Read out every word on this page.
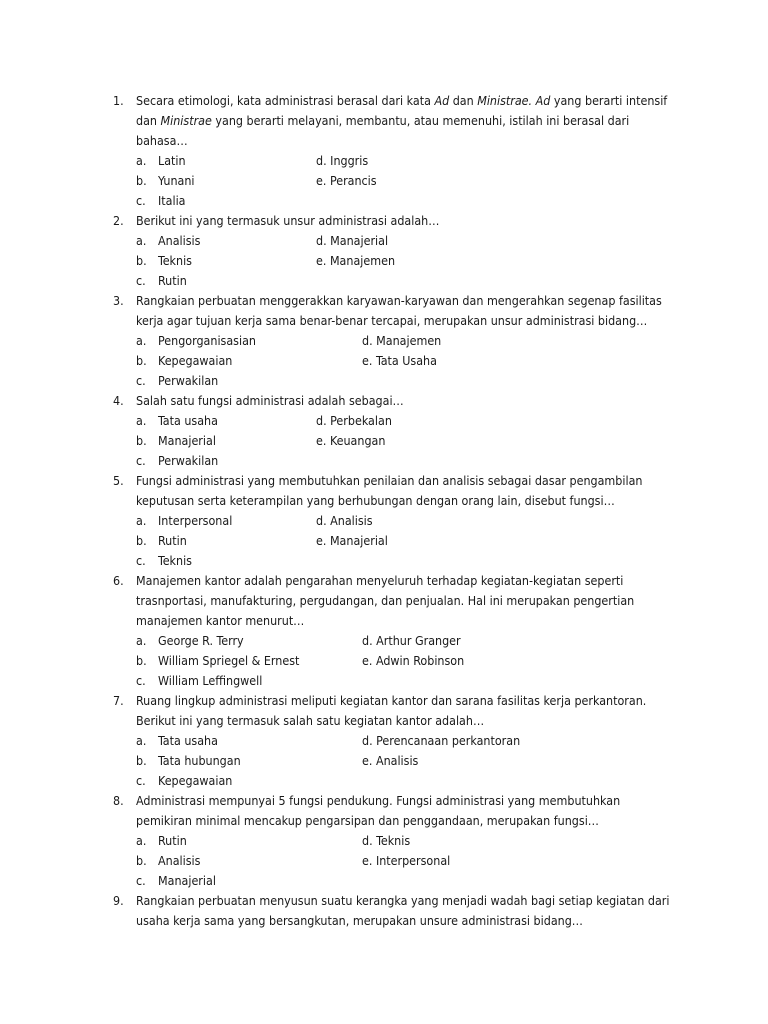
1. Secara etimologi, kata administrasi berasal dari kata Ad dan Ministrae. Ad yang berarti intensif
dan Ministrae yang berarti melayani, membantu, atau memenuhi, istilah ini berasal dari
bahasa…
a. Latin	d. Inggris
b. Yunani	e. Perancis
c. Italia
2. Berikut ini yang termasuk unsur administrasi adalah…
a. Analisis	d. Manajerial
b. Teknis	e. Manajemen
c. Rutin
3. Rangkaian perbuatan menggerakkan karyawan-karyawan dan mengerahkan segenap fasilitas
kerja agar tujuan kerja sama benar-benar tercapai, merupakan unsur administrasi bidang…
a. Pengorganisasian	d. Manajemen
b. Kepegawaian	e. Tata Usaha
c. Perwakilan
4. Salah satu fungsi administrasi adalah sebagai…
a. Tata usaha	d. Perbekalan
b. Manajerial	e. Keuangan
c. Perwakilan
5. Fungsi administrasi yang membutuhkan penilaian dan analisis sebagai dasar pengambilan
keputusan serta keterampilan yang berhubungan dengan orang lain, disebut fungsi…
a. Interpersonal	d. Analisis
b. Rutin	e. Manajerial
c. Teknis
6. Manajemen kantor adalah pengarahan menyeluruh terhadap kegiatan-kegiatan seperti
trasnportasi, manufakturing, pergudangan, dan penjualan. Hal ini merupakan pengertian
manajemen kantor menurut…
a. George R. Terry	d. Arthur Granger
b. William Spriegel & Ernest	e. Adwin Robinson
c. William Leffingwell
7. Ruang lingkup administrasi meliputi kegiatan kantor dan sarana fasilitas kerja perkantoran.
Berikut ini yang termasuk salah satu kegiatan kantor adalah…
a. Tata usaha	d. Perencanaan perkantoran
b. Tata hubungan	e. Analisis
c. Kepegawaian
8. Administrasi mempunyai 5 fungsi pendukung. Fungsi administrasi yang membutuhkan
pemikiran minimal mencakup pengarsipan dan penggandaan, merupakan fungsi…
a. Rutin	d. Teknis
b. Analisis	e. Interpersonal
c. Manajerial
9. Rangkaian perbuatan menyusun suatu kerangka yang menjadi wadah bagi setiap kegiatan dari
usaha kerja sama yang bersangkutan, merupakan unsure administrasi bidang…
